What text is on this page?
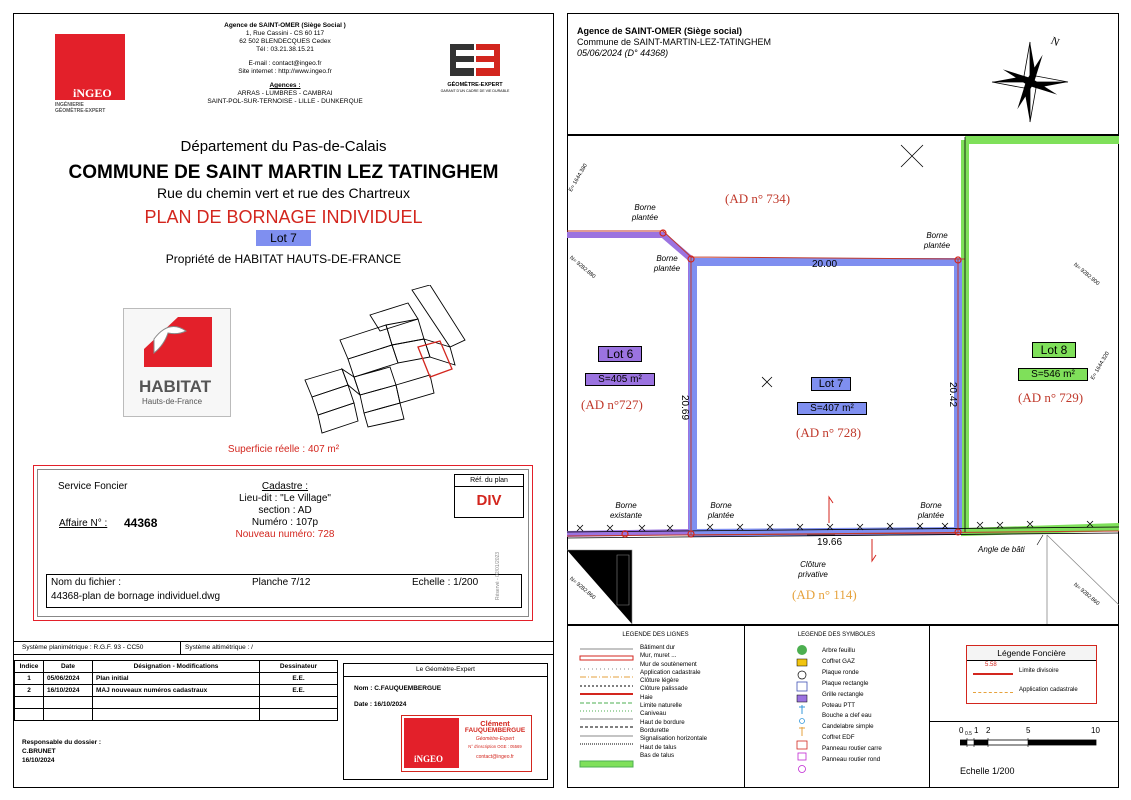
iNGEO
INGÉNIERIE
GÉOMÈTRE-EXPERT
Agence de SAINT-OMER (Siège Social )
1, Rue Cassini - CS 60 117
62 502 BLENDECQUES Cedex
Tél : 03.21.38.15.21
E-mail : contact@ingeo.fr
Site internet : http://www.ingeo.fr
Agences :
ARRAS - LUMBRES - CAMBRAI
SAINT-POL-SUR-TERNOISE - LILLE - DUNKERQUE
GÉOMÈTRE-EXPERT
GARANT D'UN CADRE DE VIE DURABLE
Département du Pas-de-Calais
COMMUNE DE SAINT MARTIN LEZ TATINGHEM
Rue du chemin vert et rue des Chartreux
PLAN DE BORNAGE INDIVIDUEL
Lot 7
Propriété de HABITAT HAUTS-DE-FRANCE
HABITAT
Hauts-de-France
Superficie réelle : 407 m²
Service Foncier
Affaire N° : 44368
Cadastre :
Lieu-dit : "Le Village"
section : AD
Numéro : 107p
Nouveau numéro: 728
Réf. du plan
DIV
Nom du fichier :
44368-plan de bornage individuel.dwg
Planche 7/12	Echelle : 1/200	Réservé - 02/01/2023
Système planimétrique : R.G.F. 93 - CC50	Système altimétrique : /
Indice	Date	Désignation - Modifications	Dessinateur
1	05/06/2024	Plan initial	E.E.
2	16/10/2024	MAJ nouveaux numéros cadastraux	E.E.

Responsable du dossier :
C.BRUNET
16/10/2024
Le Géomètre-Expert
Nom : C.FAUQUEMBERGUE
Date : 16/10/2024
iNGEO
Clément
FAUQUEMBERGUE
Géomètre-Expert
N° d'inscription OGE : 05569
contact@ingeo.fr
Agence de SAINT-OMER (Siège social)
Commune de SAINT-MARTIN-LEZ-TATINGHEM
05/06/2024 (D° 44368)
N
(AD n° 734)
(AD n°727)
(AD n° 728)
(AD n° 729)
(AD n° 114)
Lot 6
S=405 m²	Lot 7
S=407 m²
Lot 8
S=546 m²
20.00
20.69
20.42
19.66
Borne
plantée
Borne
plantée
Borne
plantée
Borne
existante
Borne
plantée
Borne
plantée
Clôture
privative
Angle de bâti
E= 1644.380
N= 9282.880	N= 9282.900
E= 1644.320
N= 9282.860	N= 9282.860
LEGENDE DES LIGNES
Bâtiment dur
Mur, muret ...
Mur de soutènement
Application cadastrale
Clôture légère
Clôture palissade
Haie
Limite naturelle
Caniveau
Haut de bordure
Bordurette
Signalisation horizontale
Haut de talus
Bas de talus
LEGENDE DES SYMBOLES
Arbre feuillu
Coffret GAZ
Plaque ronde
Plaque rectangle
Grille rectangle
Poteau PTT
Bouche a clef eau
Candelabre simple
Coffret EDF
Panneau routier carre
Panneau routier rond
Légende Foncière
5.58
Limite divisoire
Application cadastrale
0 0.5 1 2	5	10
Echelle 1/200
